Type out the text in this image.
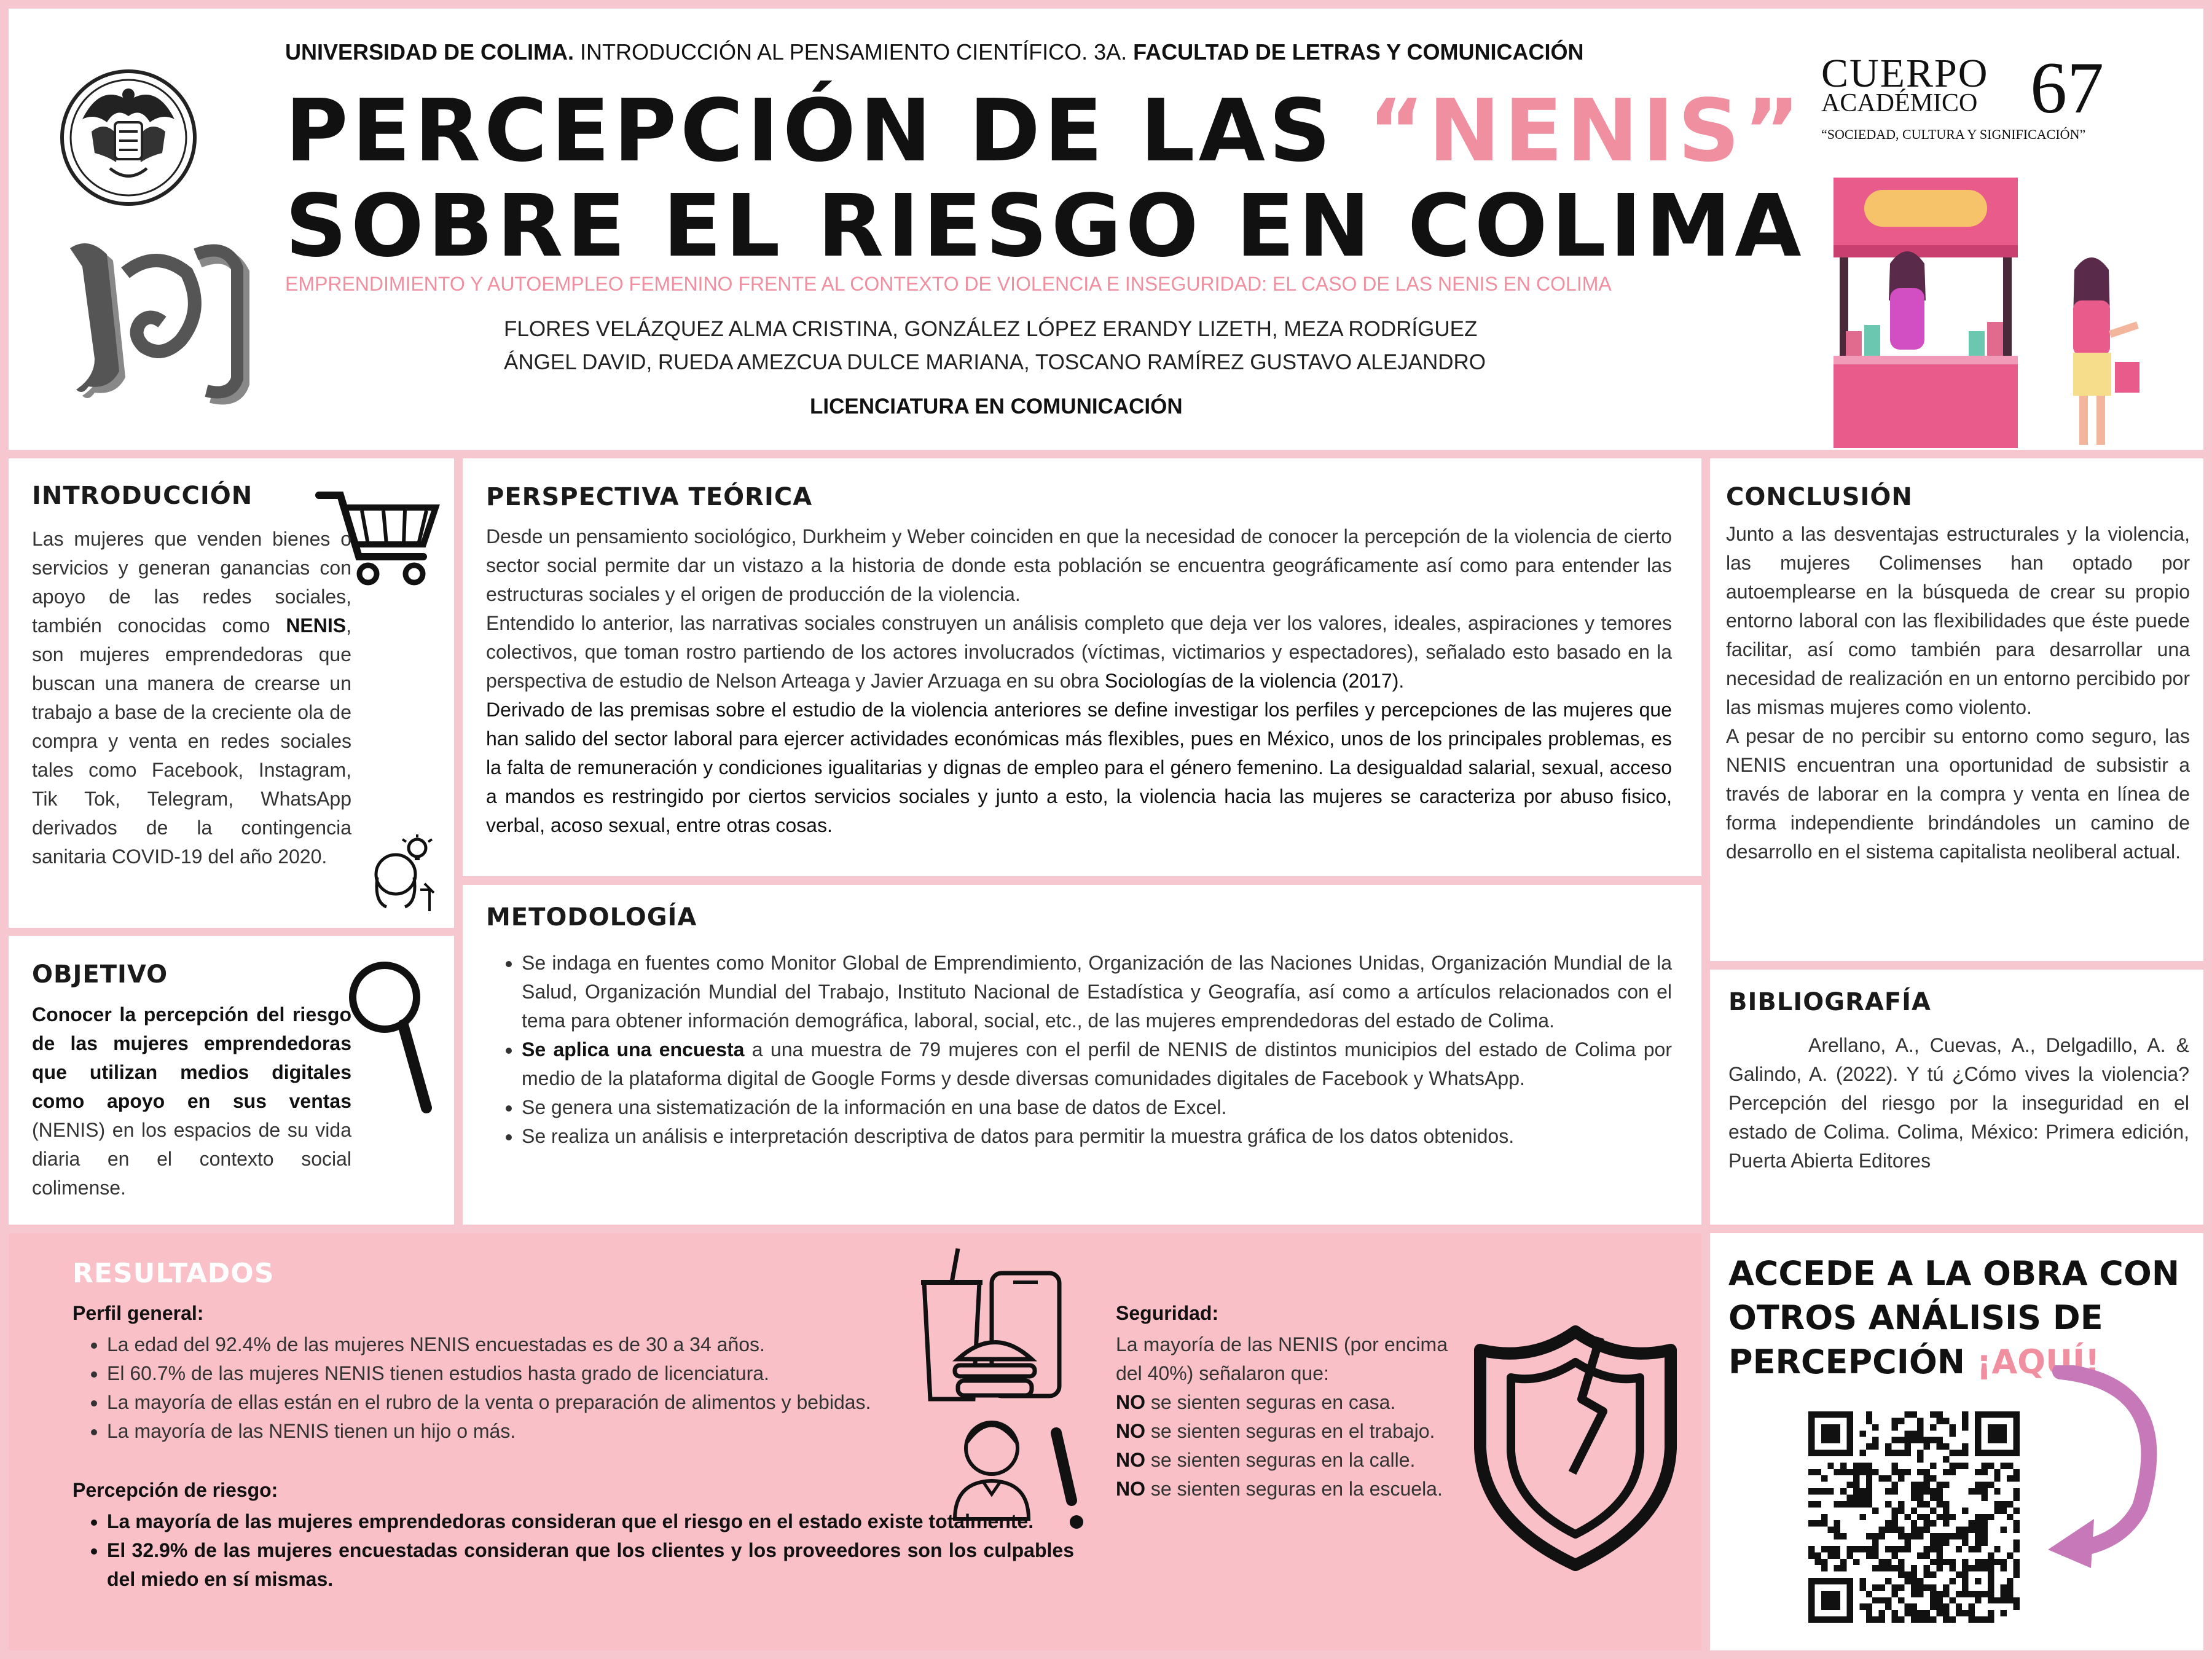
UNIVERSIDAD DE COLIMA. INTRODUCCIÓN AL PENSAMIENTO CIENTÍFICO. 3A. FACULTAD DE LETRAS Y COMUNICACIÓN
PERCEPCIÓN DE LAS “NENIS”
SOBRE EL RIESGO EN COLIMA
EMPRENDIMIENTO Y AUTOEMPLEO FEMENINO FRENTE AL CONTEXTO DE VIOLENCIA E INSEGURIDAD: EL CASO DE LAS NENIS EN COLIMA
FLORES VELÁZQUEZ ALMA CRISTINA, GONZÁLEZ LÓPEZ ERANDY LIZETH, MEZA RODRÍGUEZ
ÁNGEL DAVID, RUEDA AMEZCUA DULCE MARIANA, TOSCANO RAMÍREZ GUSTAVO ALEJANDRO
LICENCIATURA EN COMUNICACIÓN
CUERPO
ACADÉMICO 67
“SOCIEDAD, CULTURA Y SIGNIFICACIÓN”
INTRODUCCIÓN
Las mujeres que venden bienes o servicios y generan ganancias con apoyo de las redes sociales, también conocidas como NENIS, son mujeres emprendedoras que buscan una manera de crearse un trabajo a base de la creciente ola de compra y venta en redes sociales tales como Facebook, Instagram, Tik Tok, Telegram, WhatsApp derivados de la contingencia sanitaria COVID-19 del año 2020.
OBJETIVO
Conocer la percepción del riesgo de las mujeres emprendedoras que utilizan medios digitales como apoyo en sus ventas (NENIS) en los espacios de su vida diaria en el contexto social colimense.
PERSPECTIVA TEÓRICA
Desde un pensamiento sociológico, Durkheim y Weber coinciden en que la necesidad de conocer la percepción de la violencia de cierto sector social permite dar un vistazo a la historia de donde esta población se encuentra geográficamente así como para entender las estructuras sociales y el origen de producción de la violencia.
Entendido lo anterior, las narrativas sociales construyen un análisis completo que deja ver los valores, ideales, aspiraciones y temores colectivos, que toman rostro partiendo de los actores involucrados (víctimas, victimarios y espectadores), señalado esto basado en la perspectiva de estudio de Nelson Arteaga y Javier Arzuaga en su obra Sociologías de la violencia (2017).
Derivado de las premisas sobre el estudio de la violencia anteriores se define investigar los perfiles y percepciones de las mujeres que han salido del sector laboral para ejercer actividades económicas más flexibles, pues en México, unos de los principales problemas, es la falta de remuneración y condiciones igualitarias y dignas de empleo para el género femenino. La desigualdad salarial, sexual, acceso a mandos es restringido por ciertos servicios sociales y junto a esto, la violencia hacia las mujeres se caracteriza por abuso fisico, verbal, acoso sexual, entre otras cosas.
METODOLOGÍA
• Se indaga en fuentes como Monitor Global de Emprendimiento, Organización de las Naciones Unidas, Organización Mundial de la Salud, Organización Mundial del Trabajo, Instituto Nacional de Estadística y Geografía, así como a artículos relacionados con el tema para obtener información demográfica, laboral, social, etc., de las mujeres emprendedoras del estado de Colima.
• Se aplica una encuesta a una muestra de 79 mujeres con el perfil de NENIS de distintos municipios del estado de Colima por medio de la plataforma digital de Google Forms y desde diversas comunidades digitales de Facebook y WhatsApp.
• Se genera una sistematización de la información en una base de datos de Excel.
• Se realiza un análisis e interpretación descriptiva de datos para permitir la muestra gráfica de los datos obtenidos.
CONCLUSIÓN
Junto a las desventajas estructurales y la violencia, las mujeres Colimenses han optado por autoemplearse en la búsqueda de crear su propio entorno laboral con las flexibilidades que éste puede facilitar, así como también para desarrollar una necesidad de realización en un entorno percibido por las mismas mujeres como violento.
A pesar de no percibir su entorno como seguro, las NENIS encuentran una oportunidad de subsistir a través de laborar en la compra y venta en línea de forma independiente brindándoles un camino de desarrollo en el sistema capitalista neoliberal actual.
BIBLIOGRAFÍA
Arellano, A., Cuevas, A., Delgadillo, A. & Galindo, A. (2022). Y tú ¿Cómo vives la violencia? Percepción del riesgo por la inseguridad en el estado de Colima. Colima, México: Primera edición, Puerta Abierta Editores
RESULTADOS
Perfil general:
• La edad del 92.4% de las mujeres NENIS encuestadas es de 30 a 34 años.
• El 60.7% de las mujeres NENIS tienen estudios hasta grado de licenciatura.
• La mayoría de ellas están en el rubro de la venta o preparación de alimentos y bebidas.
• La mayoría de las NENIS tienen un hijo o más.
Percepción de riesgo:
• La mayoría de las mujeres emprendedoras consideran que el riesgo en el estado existe totalmente.
• El 32.9% de las mujeres encuestadas consideran que los clientes y los proveedores son los culpables del miedo en sí mismas.
Seguridad:
La mayoría de las NENIS (por encima del 40%) señalaron que:
NO se sienten seguras en casa.
NO se sienten seguras en el trabajo.
NO se sienten seguras en la calle.
NO se sienten seguras en la escuela.
ACCEDE A LA OBRA CON
OTROS ANÁLISIS DE
PERCEPCIÓN ¡AQUÍ!
